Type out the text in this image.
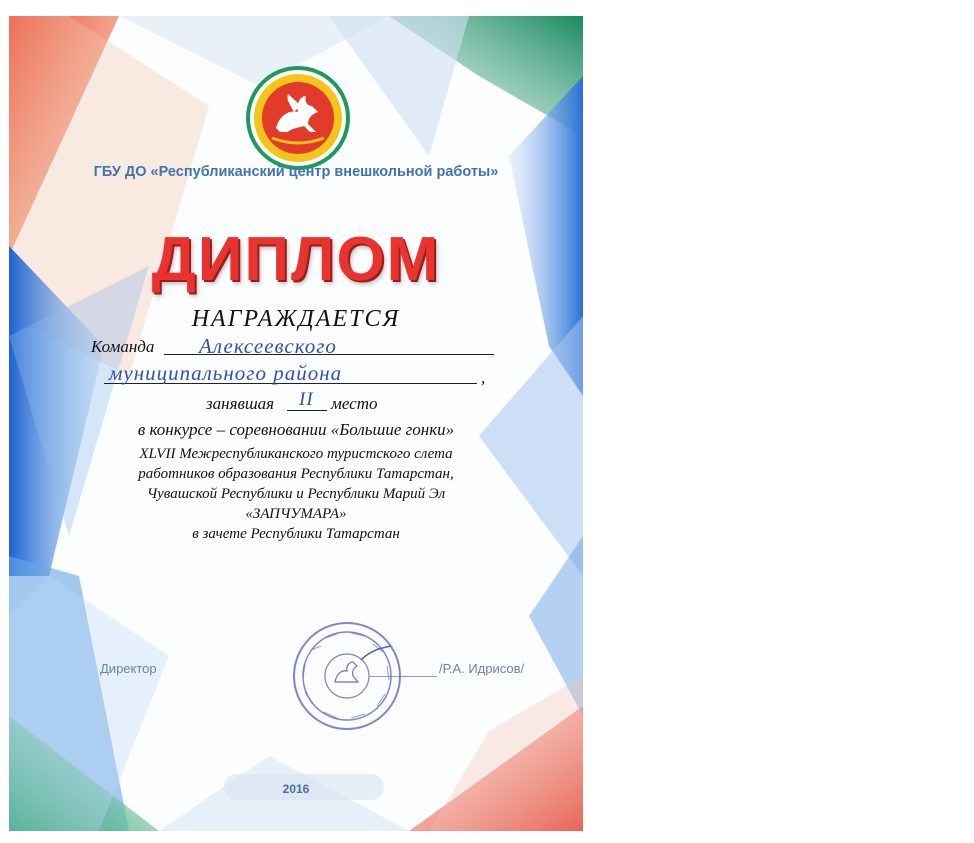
ГБУ ДО «Республиканский центр внешкольной работы»
ДИПЛОМ
НАГРАЖДАЕТСЯ
Команда Алексеевского
муниципального района	,
занявшая II место
в конкурсе – соревновании «Большие гонки»
XLVII Межреспубликанского туристского слета
работников образования Республики Татарстан,
Чувашской Республики и Республики Марий Эл
«ЗАПЧУМАРА»
в зачете Республики Татарстан
Директор	/Р.А. Идрисов/
2016
